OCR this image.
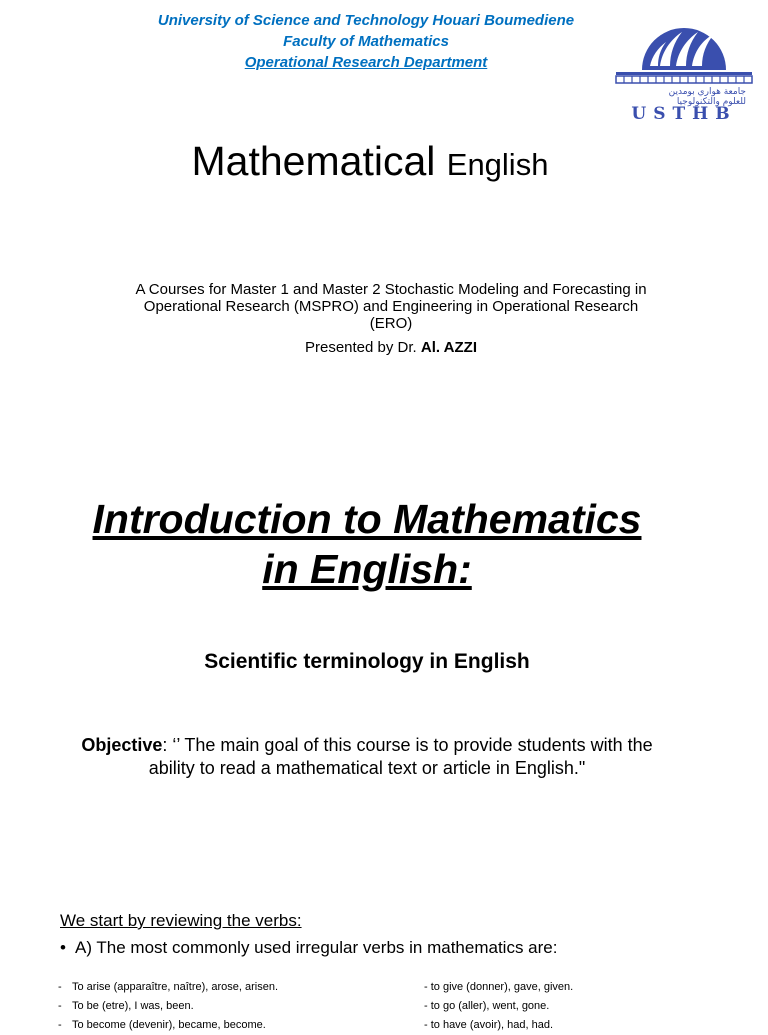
University of Science and Technology Houari Boumediene
Faculty of Mathematics
Operational Research Department
جامعة هواري بومدين
للعلوم والتكنولوجيا
USTHB
Mathematical English
A Courses for Master 1 and Master 2 Stochastic Modeling and Forecasting in Operational Research (MSPRO) and Engineering in Operational Research (ERO)
Presented by Dr. Al. AZZI
Introduction to Mathematics
in English:
Scientific terminology in English
Objective: ‘’ The main goal of this course is to provide students with the ability to read a mathematical text or article in English."
We start by reviewing the verbs:
• A) The most commonly used irregular verbs in mathematics are:
- To arise (apparaître, naître), arose, arisen.
- To be (etre), I was, been.
- To become (devenir), became, become.
- to give (donner), gave, given.
- to go (aller), went, gone.
- to have (avoir), had, had.
